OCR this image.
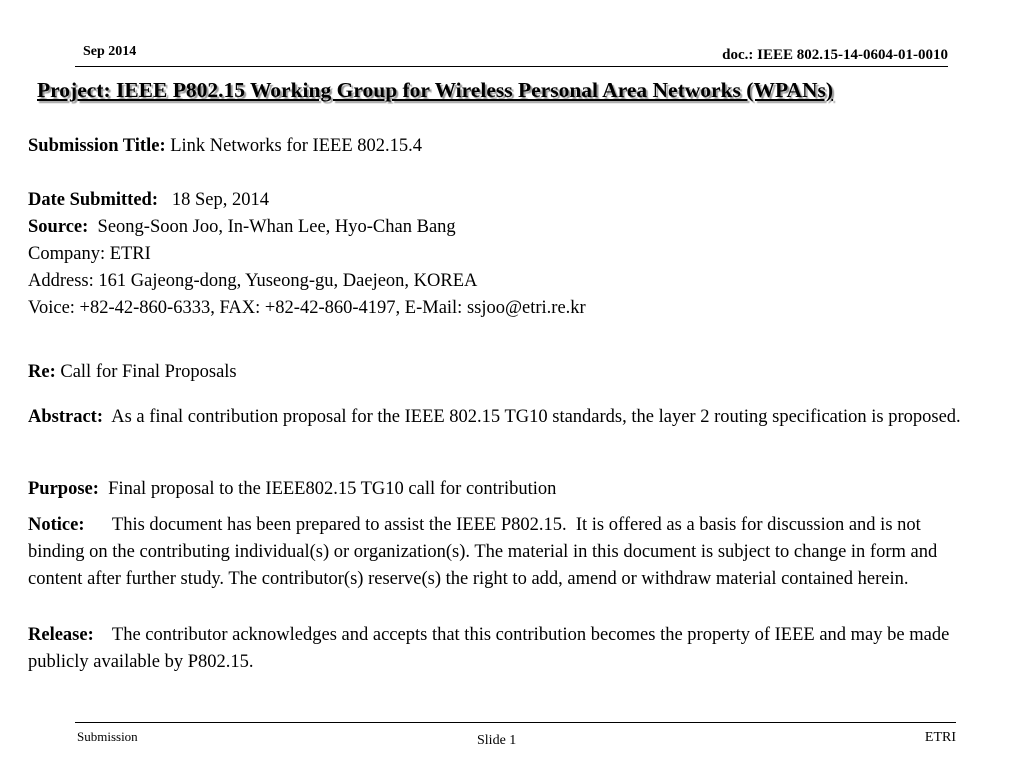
Sep 2014	doc.: IEEE 802.15-14-0604-01-0010
Project: IEEE P802.15 Working Group for Wireless Personal Area Networks (WPANs)
Submission Title: Link Networks for IEEE 802.15.4
Date Submitted:   18 Sep, 2014
Source:  Seong-Soon Joo, In-Whan Lee, Hyo-Chan Bang
Company: ETRI
Address: 161 Gajeong-dong, Yuseong-gu, Daejeon, KOREA
Voice: +82-42-860-6333, FAX: +82-42-860-4197, E-Mail: ssjoo@etri.re.kr
Re: Call for Final Proposals
Abstract:  As a final contribution proposal for the IEEE 802.15 TG10 standards, the layer 2 routing specification is proposed.
Purpose:  Final proposal to the IEEE802.15 TG10 call for contribution
Notice:      This document has been prepared to assist the IEEE P802.15.  It is offered as a basis for discussion and is not binding on the contributing individual(s) or organization(s). The material in this document is subject to change in form and content after further study. The contributor(s) reserve(s) the right to add, amend or withdraw material contained herein.
Release:    The contributor acknowledges and accepts that this contribution becomes the property of IEEE and may be made publicly available by P802.15.
Submission	Slide 1	ETRI
